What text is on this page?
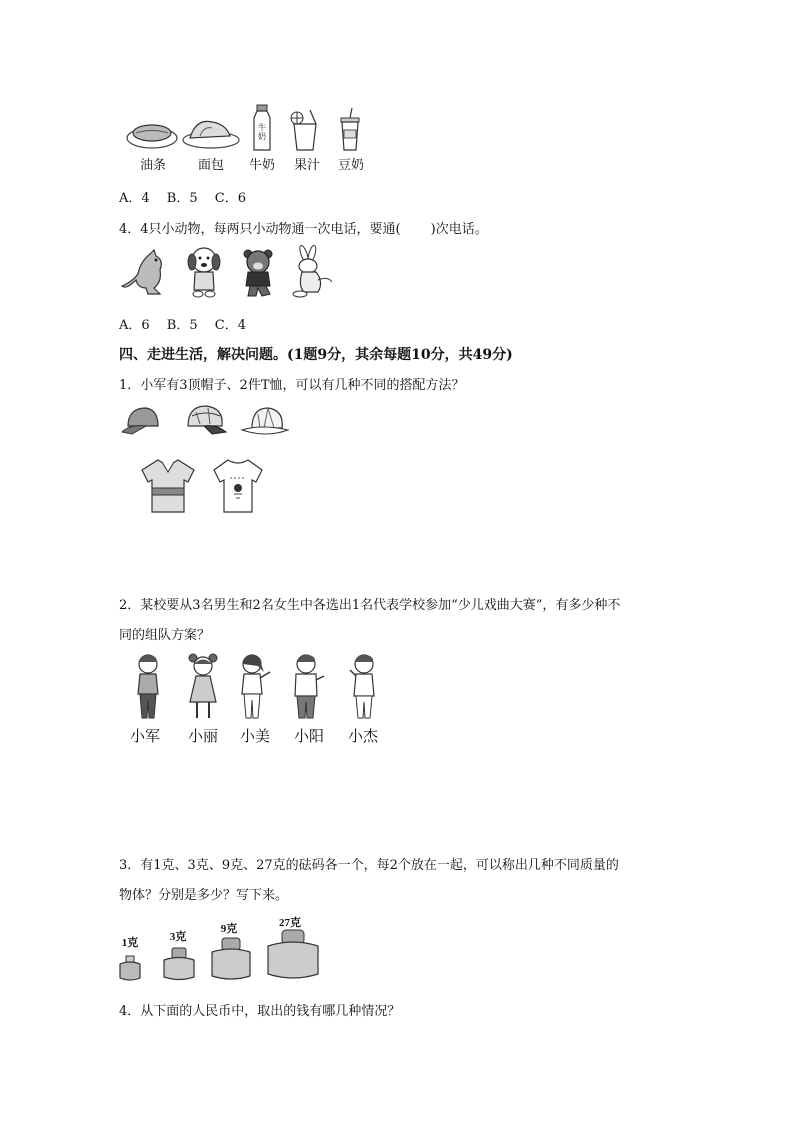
牛奶
油条	面包	牛奶	果汁	豆奶
A．4　 B．5　 C．6
4．4只小动物，每两只小动物通一次电话，要通( )次电话。
A．6　 B．5　 C．4
四、走进生活，解决问题。(1题9分，其余每题10分，共49分)
1．小军有3顶帽子、2件T恤，可以有几种不同的搭配方法？
2．某校要从3名男生和2名女生中各选出1名代表学校参加“少儿戏曲大赛”，有多少种不
同的组队方案？
小军	小丽	小美	小阳	小杰
3．有1克、3克、9克、27克的砝码各一个，每2个放在一起，可以称出几种不同质量的
物体？分别是多少？写下来。
1克	3克
9克	27克
4．从下面的人民币中，取出的钱有哪几种情况？
